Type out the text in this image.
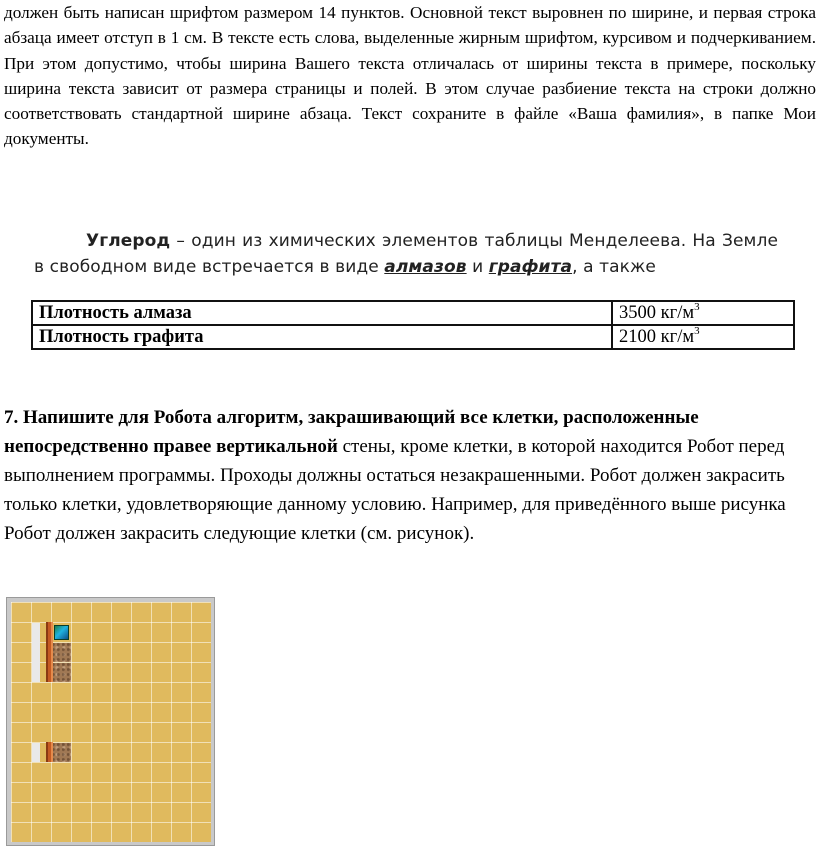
должен быть написан шрифтом размером 14 пунктов. Основной текст выровнен по ширине, и первая строка абзаца имеет отступ в 1 см. В тексте есть слова, выделенные жирным шрифтом, курсивом и подчеркиванием. При этом допустимо, чтобы ширина Вашего текста отличалась от ширины текста в примере, поскольку ширина текста зависит от размера страницы и полей. В этом случае разбиение текста на строки должно соответствовать стандартной ширине абзаца. Текст сохраните в файле «Ваша фамилия», в папке Мои документы.

Углерод – один из химических элементов таблицы Менделеева. На Земле в свободном виде встречается в виде алмазов и графита, а также

Плотность алмаза	3500 $кг/м^3$
Плотность графита	2100 $кг/м^3$

7. Напишите для Робота алгоритм, закрашивающий все клетки, расположенные непосредственно правее вертикальной стены, кроме клетки, в которой находится Робот перед выполнением программы. Проходы должны остаться незакрашенными. Робот должен закрасить только клетки, удовлетворяющие данному условию. Например, для приведённого выше рисунка Робот должен закрасить следующие клетки (см. рисунок).
